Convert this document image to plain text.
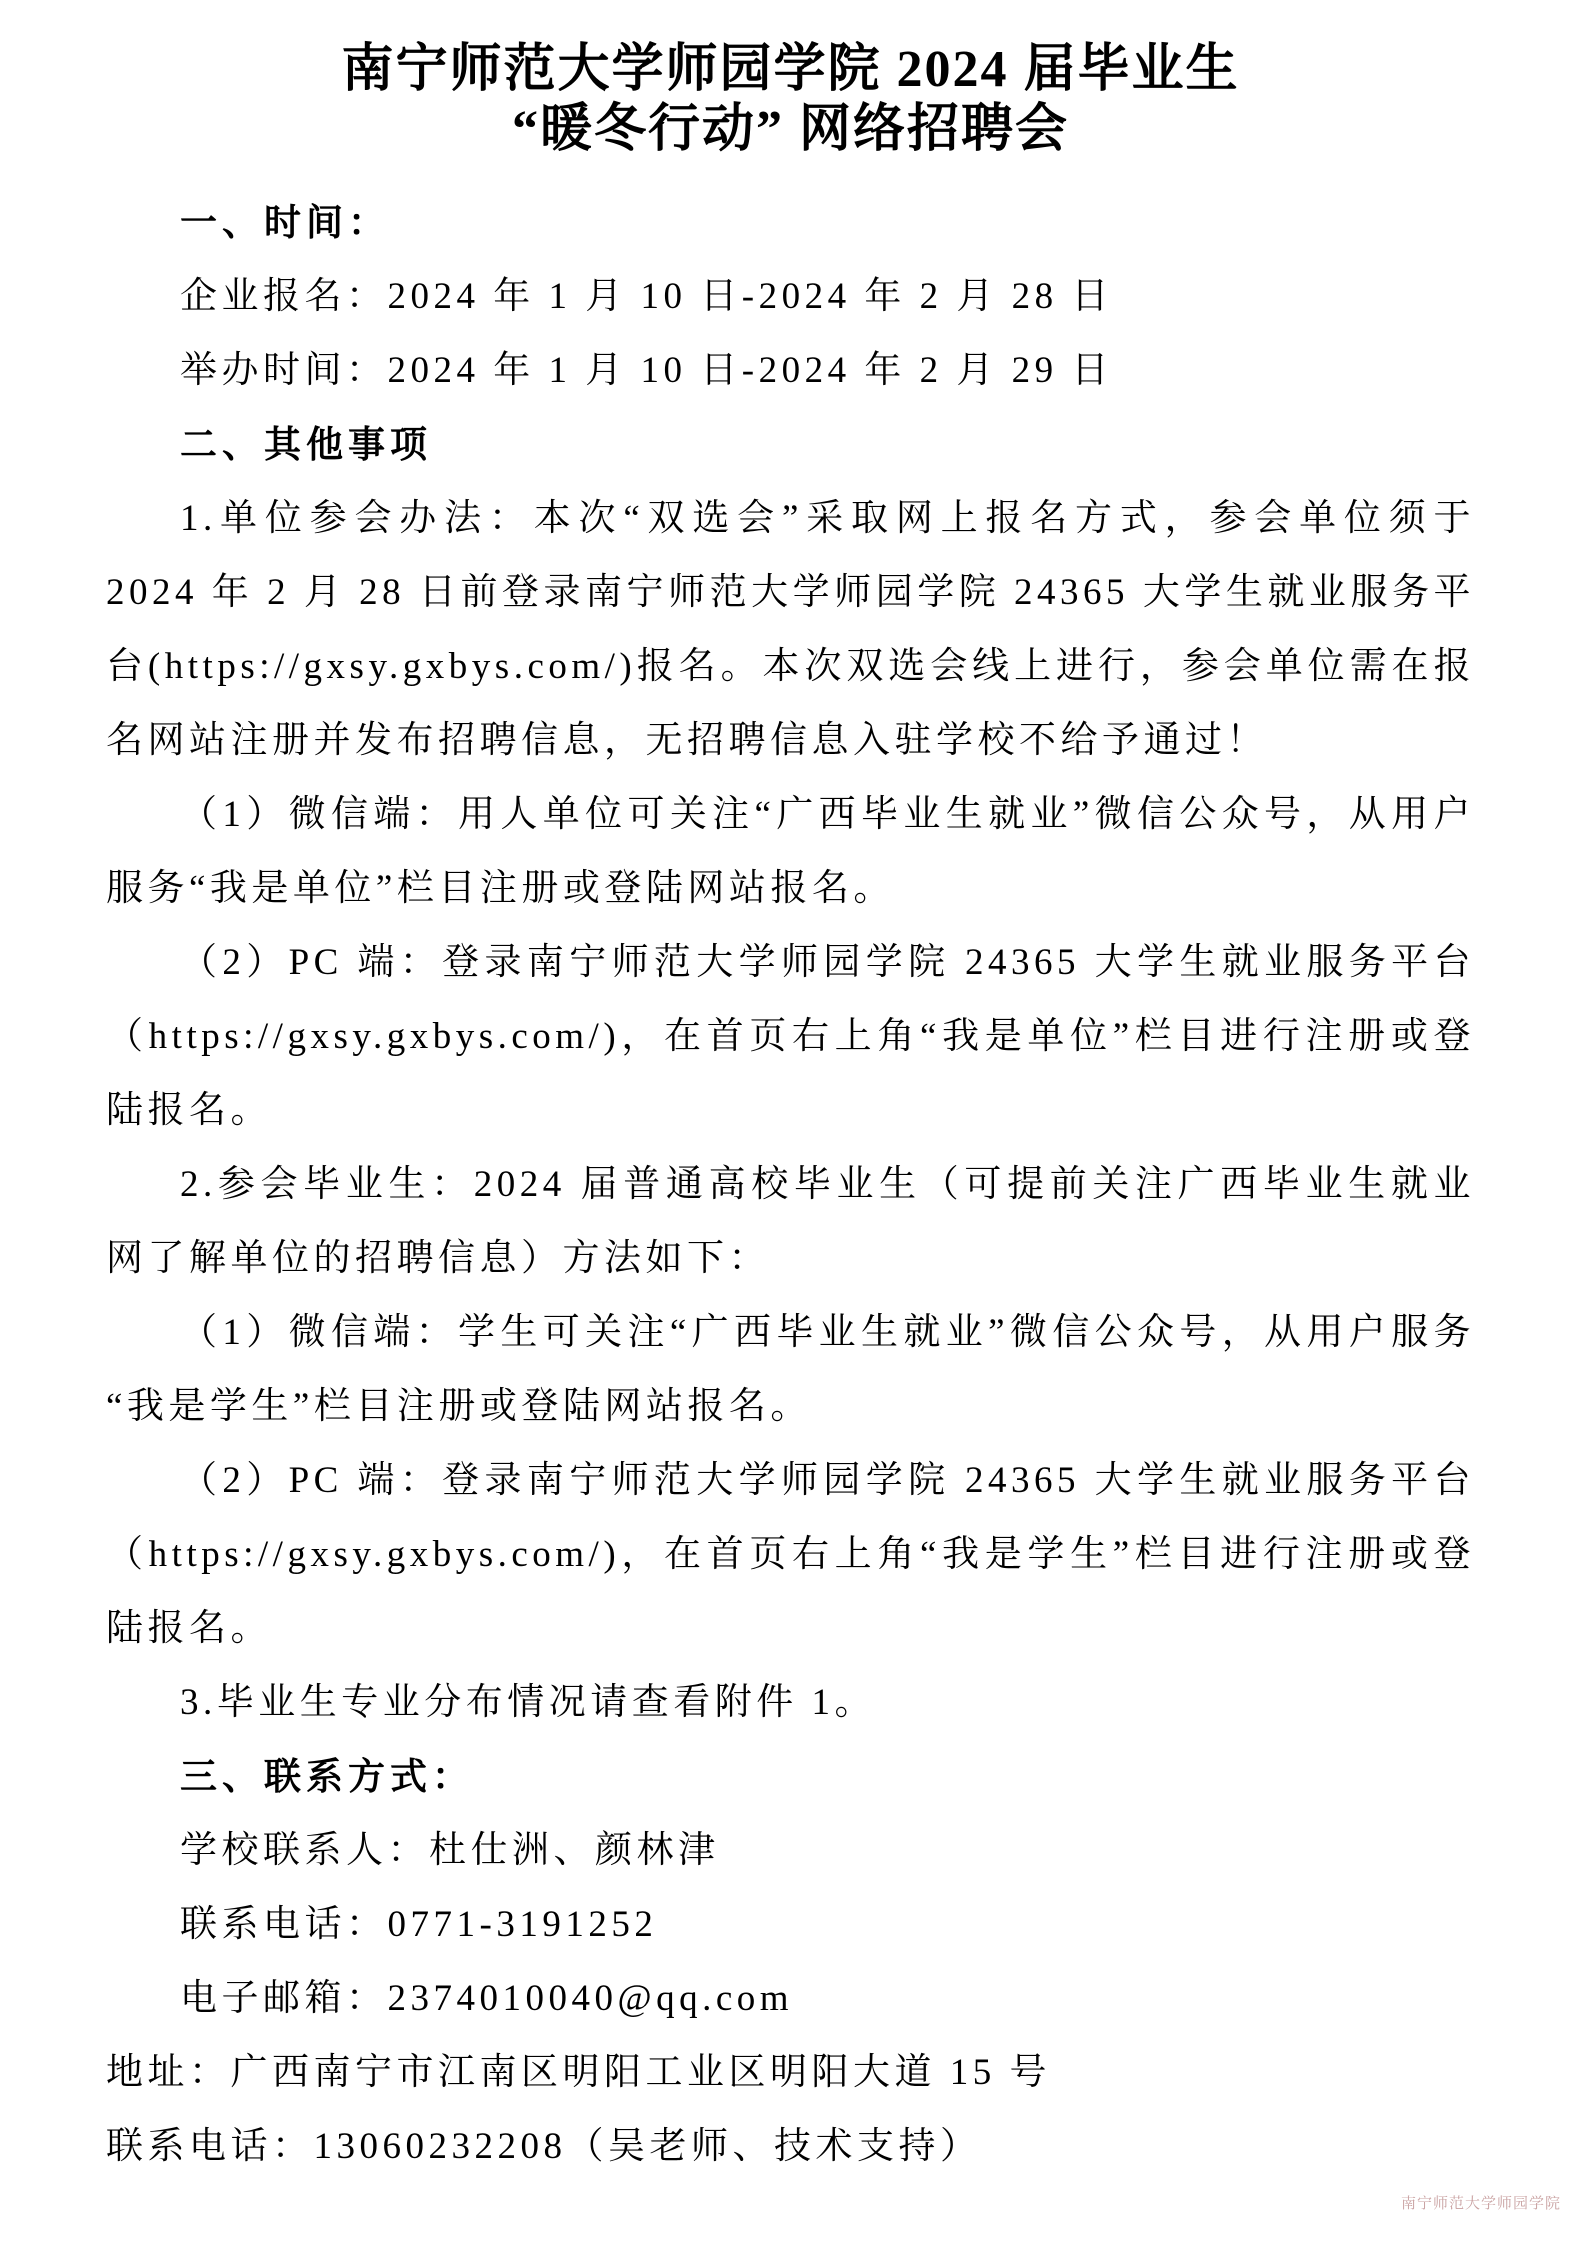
南宁师范大学师园学院 2024 届毕业生
“暖冬行动” 网络招聘会

一、时间：

企业报名：2024 年 1 月 10 日-2024 年 2 月 28 日

举办时间：2024 年 1 月 10 日-2024 年 2 月 29 日

二、其他事项

1.单位参会办法：本次“双选会”采取网上报名方式，参会单位须于 2024 年 2 月 28 日前登录南宁师范大学师园学院 24365 大学生就业服务平台(https://gxsy.gxbys.com/)报名。本次双选会线上进行，参会单位需在报名网站注册并发布招聘信息，无招聘信息入驻学校不给予通过！

（1）微信端：用人单位可关注“广西毕业生就业”微信公众号，从用户服务“我是单位”栏目注册或登陆网站报名。

（2）PC 端：登录南宁师范大学师园学院 24365 大学生就业服务平台（https://gxsy.gxbys.com/)，在首页右上角“我是单位”栏目进行注册或登陆报名。

2.参会毕业生：2024 届普通高校毕业生（可提前关注广西毕业生就业网了解单位的招聘信息）方法如下：

（1）微信端：学生可关注“广西毕业生就业”微信公众号，从用户服务“我是学生”栏目注册或登陆网站报名。

（2）PC 端：登录南宁师范大学师园学院 24365 大学生就业服务平台（https://gxsy.gxbys.com/)，在首页右上角“我是学生”栏目进行注册或登陆报名。

3.毕业生专业分布情况请查看附件 1。

三、联系方式：

学校联系人：杜仕洲、颜林津

联系电话：0771-3191252

电子邮箱：2374010040@qq.com

地址：广西南宁市江南区明阳工业区明阳大道 15 号

联系电话：13060232208（吴老师、技术支持）

南宁师范大学师园学院
